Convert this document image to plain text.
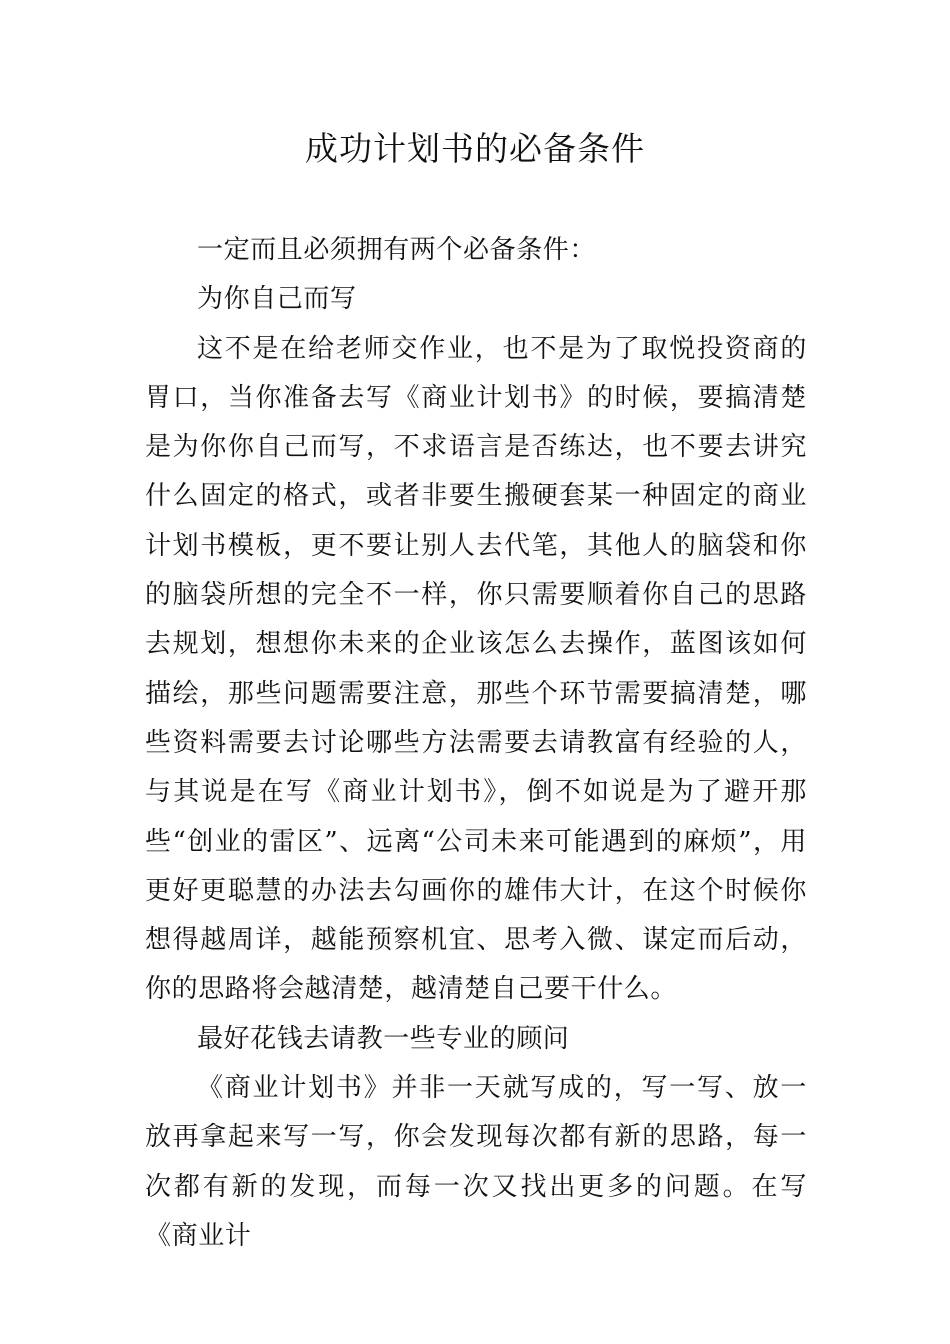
成功计划书的必备条件

一定而且必须拥有两个必备条件：

为你自己而写

这不是在给老师交作业，也不是为了取悦投资商的胃口，当你准备去写《商业计划书》的时候，要搞清楚是为你你自己而写，不求语言是否练达，也不要去讲究什么固定的格式，或者非要生搬硬套某一种固定的商业计划书模板，更不要让别人去代笔，其他人的脑袋和你的脑袋所想的完全不一样，你只需要顺着你自己的思路去规划，想想你未来的企业该怎么去操作，蓝图该如何描绘，那些问题需要注意，那些个环节需要搞清楚，哪些资料需要去讨论哪些方法需要去请教富有经验的人，与其说是在写《商业计划书》，倒不如说是为了避开那些“创业的雷区”、远离“公司未来可能遇到的麻烦”，用更好更聪慧的办法去勾画你的雄伟大计，在这个时候你想得越周详，越能预察机宜、思考入微、谋定而后动，你的思路将会越清楚，越清楚自己要干什么。

最好花钱去请教一些专业的顾问

《商业计划书》并非一天就写成的，写一写、放一放再拿起来写一写，你会发现每次都有新的思路，每一次都有新的发现，而每一次又找出更多的问题。在写《商业计
